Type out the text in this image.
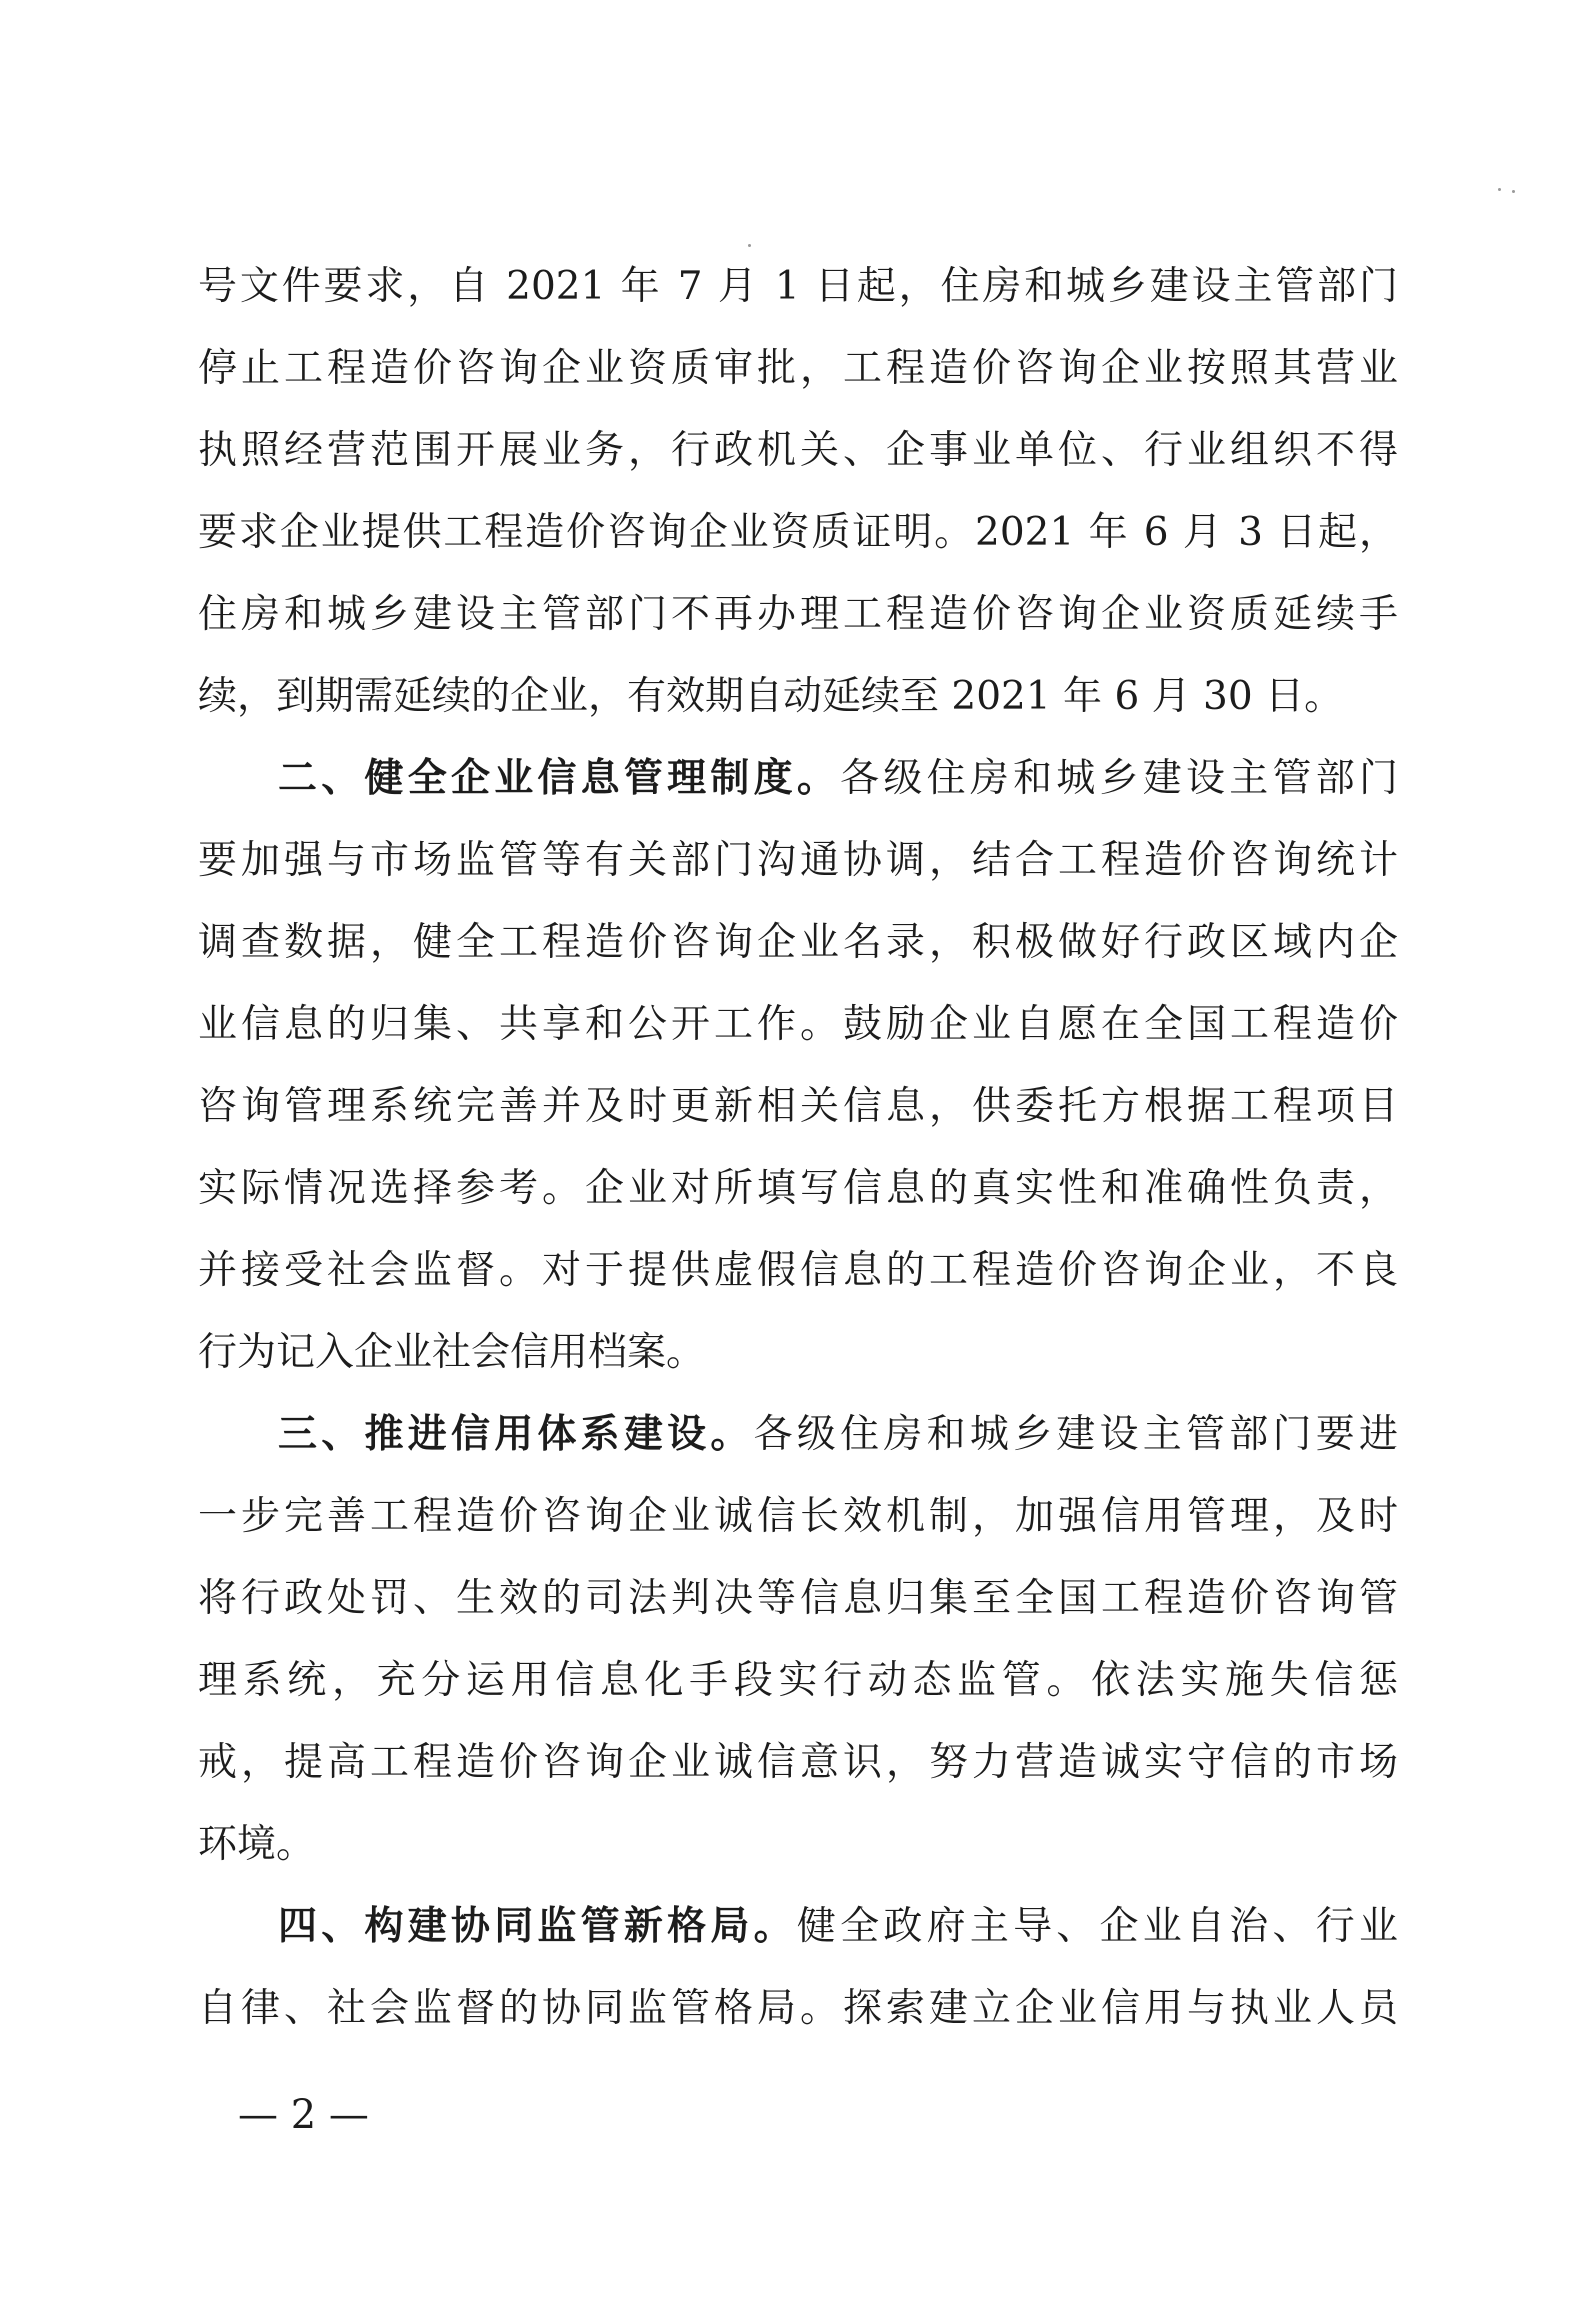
号文件要求，自 2021 年 7 月 1 日起，住房和城乡建设主管部门
停止工程造价咨询企业资质审批，工程造价咨询企业按照其营业
执照经营范围开展业务，行政机关、企事业单位、行业组织不得
要求企业提供工程造价咨询企业资质证明。2021 年 6 月 3 日起，
住房和城乡建设主管部门不再办理工程造价咨询企业资质延续手
续，到期需延续的企业，有效期自动延续至 2021 年 6 月 30 日。
二、健全企业信息管理制度。各级住房和城乡建设主管部门
要加强与市场监管等有关部门沟通协调，结合工程造价咨询统计
调查数据，健全工程造价咨询企业名录，积极做好行政区域内企
业信息的归集、共享和公开工作。鼓励企业自愿在全国工程造价
咨询管理系统完善并及时更新相关信息，供委托方根据工程项目
实际情况选择参考。企业对所填写信息的真实性和准确性负责，
并接受社会监督。对于提供虚假信息的工程造价咨询企业，不良
行为记入企业社会信用档案。
三、推进信用体系建设。各级住房和城乡建设主管部门要进
一步完善工程造价咨询企业诚信长效机制，加强信用管理，及时
将行政处罚、生效的司法判决等信息归集至全国工程造价咨询管
理系统，充分运用信息化手段实行动态监管。依法实施失信惩
戒，提高工程造价咨询企业诚信意识，努力营造诚实守信的市场
环境。
四、构建协同监管新格局。健全政府主导、企业自治、行业
自律、社会监督的协同监管格局。探索建立企业信用与执业人员
— 2 —
